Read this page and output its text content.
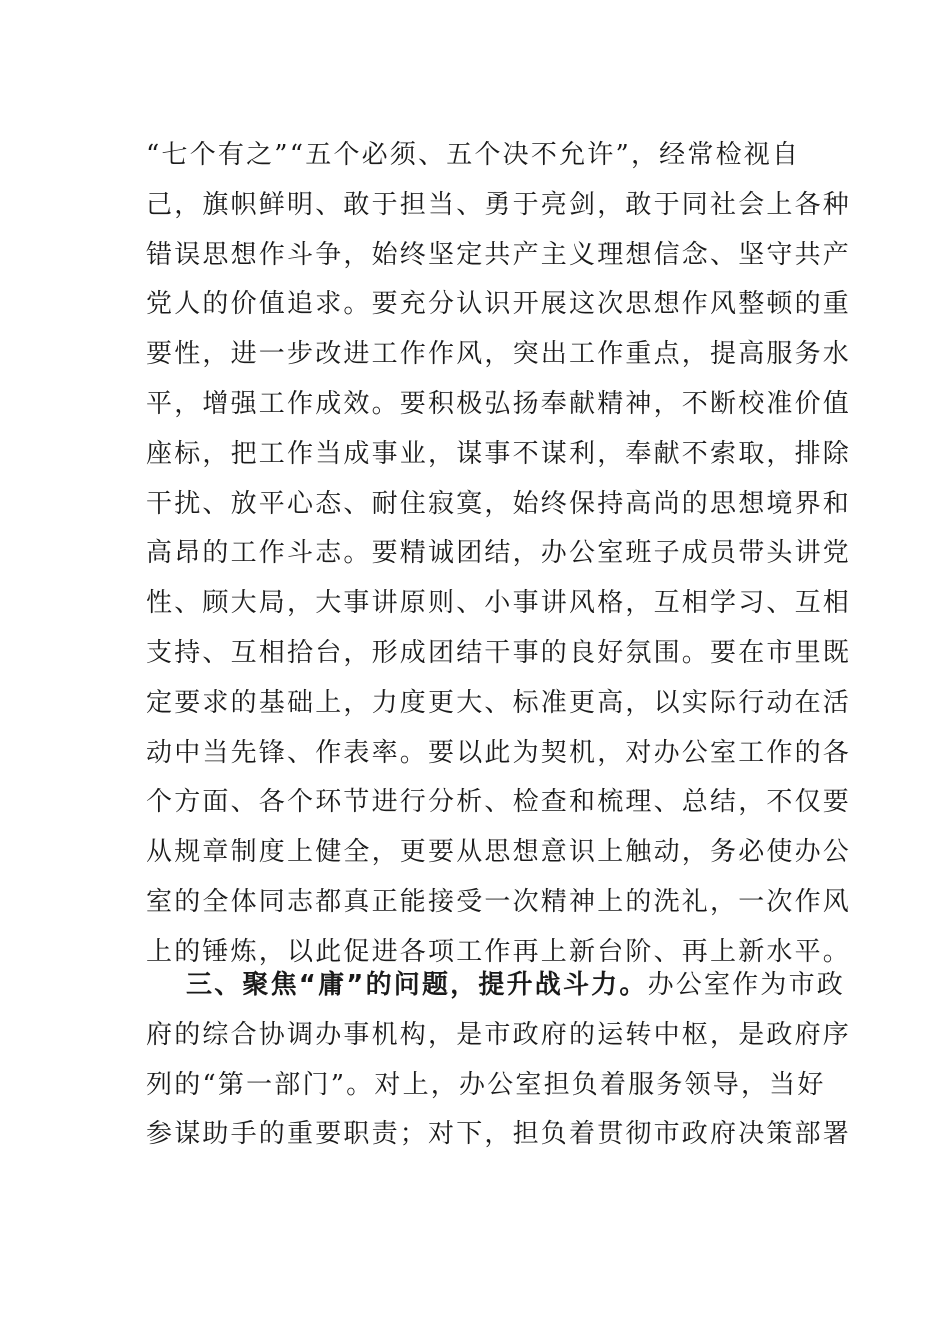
“七个有之”“五个必须、五个决不允许”，经常检视自
己，旗帜鲜明、敢于担当、勇于亮剑，敢于同社会上各种
错误思想作斗争，始终坚定共产主义理想信念、坚守共产
党人的价值追求。要充分认识开展这次思想作风整顿的重
要性，进一步改进工作作风，突出工作重点，提高服务水
平，增强工作成效。要积极弘扬奉献精神，不断校准价值
座标，把工作当成事业，谋事不谋利，奉献不索取，排除
干扰、放平心态、耐住寂寞，始终保持高尚的思想境界和
高昂的工作斗志。要精诚团结，办公室班子成员带头讲党
性、顾大局，大事讲原则、小事讲风格，互相学习、互相
支持、互相拾台，形成团结干事的良好氛围。要在市里既
定要求的基础上，力度更大、标准更高，以实际行动在活
动中当先锋、作表率。要以此为契机，对办公室工作的各
个方面、各个环节进行分析、检查和梳理、总结，不仅要
从规章制度上健全，更要从思想意识上触动，务必使办公
室的全体同志都真正能接受一次精神上的洗礼，一次作风
上的锤炼，以此促进各项工作再上新台阶、再上新水平。
三、聚焦“庸”的问题，提升战斗力。办公室作为市政
府的综合协调办事机构，是市政府的运转中枢，是政府序
列的“第一部门”。对上，办公室担负着服务领导，当好
参谋助手的重要职责；对下，担负着贯彻市政府决策部署
